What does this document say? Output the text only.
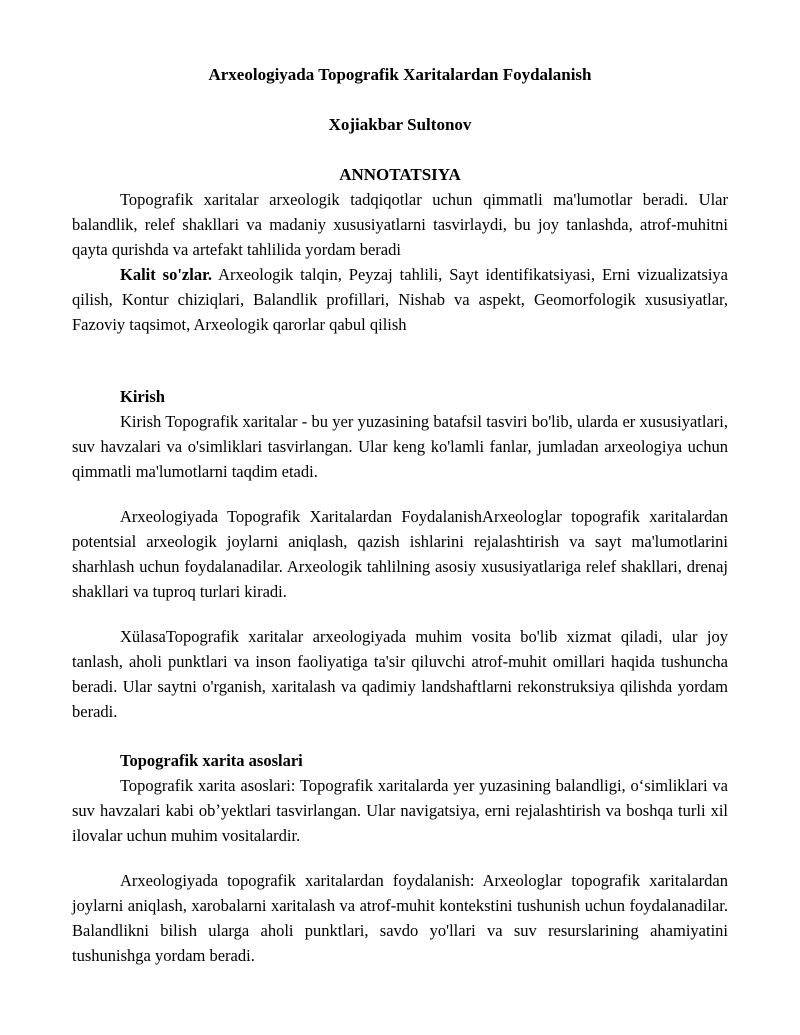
Arxeologiyada Topografik Xaritalardan Foydalanish
Xojiakbar Sultonov
ANNOTATSIYA

Topografik xaritalar arxeologik tadqiqotlar uchun qimmatli ma'lumotlar beradi. Ular balandlik, relef shakllari va madaniy xususiyatlarni tasvirlaydi, bu joy tanlashda, atrof-muhitni qayta qurishda va artefakt tahlilida yordam beradi

Kalit so'zlar. Arxeologik talqin, Peyzaj tahlili, Sayt identifikatsiyasi, Erni vizualizatsiya qilish, Kontur chiziqlari, Balandlik profillari, Nishab va aspekt, Geomorfologik xususiyatlar, Fazoviy taqsimot, Arxeologik qarorlar qabul qilish

Kirish

Kirish Topografik xaritalar - bu yer yuzasining batafsil tasviri bo'lib, ularda er xususiyatlari, suv havzalari va o'simliklari tasvirlangan. Ular keng ko'lamli fanlar, jumladan arxeologiya uchun qimmatli ma'lumotlarni taqdim etadi.

Arxeologiyada Topografik Xaritalardan FoydalanishArxeologlar topografik xaritalardan potentsial arxeologik joylarni aniqlash, qazish ishlarini rejalashtirish va sayt ma'lumotlarini sharhlash uchun foydalanadilar. Arxeologik tahlilning asosiy xususiyatlariga relef shakllari, drenaj shakllari va tuproq turlari kiradi.

XülasaTopografik xaritalar arxeologiyada muhim vosita bo'lib xizmat qiladi, ular joy tanlash, aholi punktlari va inson faoliyatiga ta'sir qiluvchi atrof-muhit omillari haqida tushuncha beradi. Ular saytni o'rganish, xaritalash va qadimiy landshaftlarni rekonstruksiya qilishda yordam beradi.

Topografik xarita asoslari

Topografik xarita asoslari: Topografik xaritalarda yer yuzasining balandligi, oʻsimliklari va suv havzalari kabi obʼyektlari tasvirlangan. Ular navigatsiya, erni rejalashtirish va boshqa turli xil ilovalar uchun muhim vositalardir.

Arxeologiyada topografik xaritalardan foydalanish: Arxeologlar topografik xaritalardan joylarni aniqlash, xarobalarni xaritalash va atrof-muhit kontekstini tushunish uchun foydalanadilar. Balandlikni bilish ularga aholi punktlari, savdo yo'llari va suv resurslarining ahamiyatini tushunishga yordam beradi.
